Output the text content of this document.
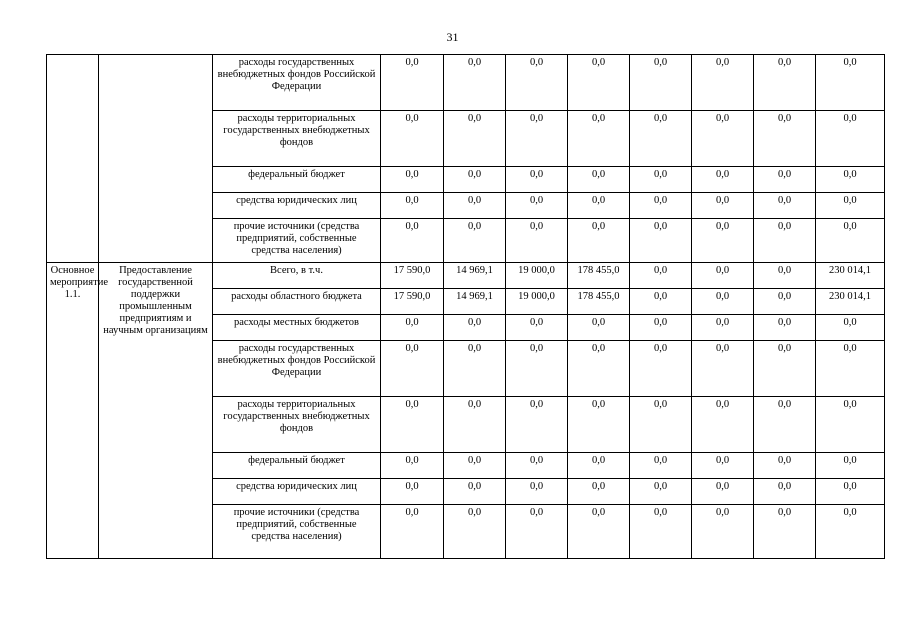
31
		расходы государственных внебюджетных фондов Российской Федерации	0,0	0,0	0,0	0,0	0,0	0,0	0,0	0,0
		расходы территориальных государственных внебюджетных фондов	0,0	0,0	0,0	0,0	0,0	0,0	0,0	0,0
		федеральный бюджет	0,0	0,0	0,0	0,0	0,0	0,0	0,0	0,0
		средства юридических лиц	0,0	0,0	0,0	0,0	0,0	0,0	0,0	0,0
		прочие источники (средства предприятий, собственные средства населения)	0,0	0,0	0,0	0,0	0,0	0,0	0,0	0,0
Основное мероприятие 1.1.	Предоставление государственной поддержки промышленным предприятиям и научным организациям	Всего, в т.ч.	17 590,0	14 969,1	19 000,0	178 455,0	0,0	0,0	0,0	230 014,1
		расходы областного бюджета	17 590,0	14 969,1	19 000,0	178 455,0	0,0	0,0	0,0	230 014,1
		расходы местных бюджетов	0,0	0,0	0,0	0,0	0,0	0,0	0,0	0,0
		расходы государственных внебюджетных фондов Российской Федерации	0,0	0,0	0,0	0,0	0,0	0,0	0,0	0,0
		расходы территориальных государственных внебюджетных фондов	0,0	0,0	0,0	0,0	0,0	0,0	0,0	0,0
		федеральный бюджет	0,0	0,0	0,0	0,0	0,0	0,0	0,0	0,0
		средства юридических лиц	0,0	0,0	0,0	0,0	0,0	0,0	0,0	0,0
		прочие источники (средства предприятий, собственные средства населения)	0,0	0,0	0,0	0,0	0,0	0,0	0,0	0,0
